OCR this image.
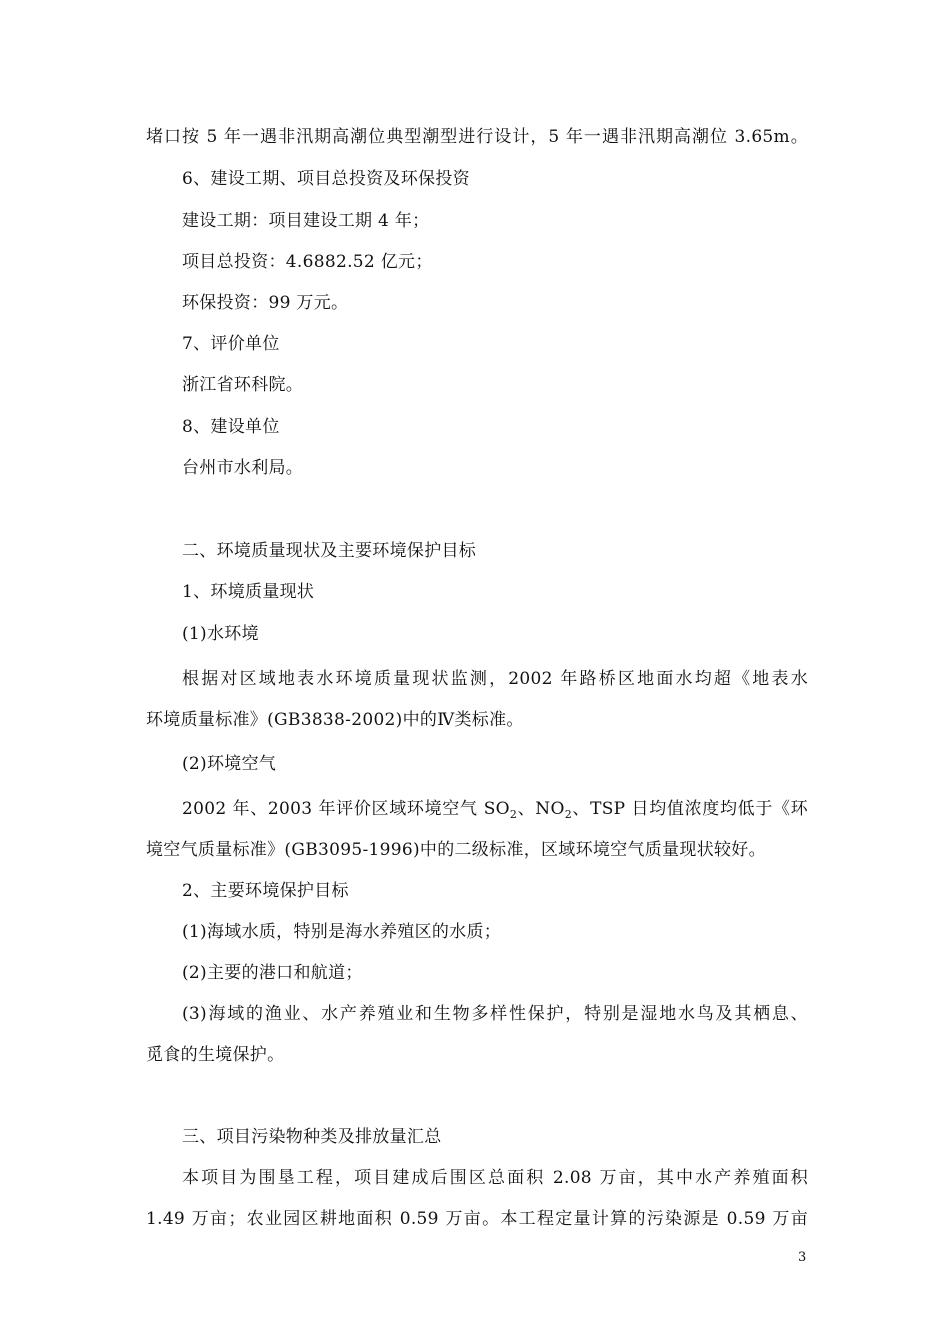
堵口按 5 年一遇非汛期高潮位典型潮型进行设计，5 年一遇非汛期高潮位 3.65m。
6、建设工期、项目总投资及环保投资
建设工期：项目建设工期 4 年；
项目总投资：4.6882.52 亿元；
环保投资：99 万元。
7、评价单位
浙江省环科院。
8、建设单位
台州市水利局。
二、环境质量现状及主要环境保护目标
1、环境质量现状
(1)水环境
根据对区域地表水环境质量现状监测，2002 年路桥区地面水均超《地表水
环境质量标准》(GB3838-2002)中的Ⅳ类标准。
(2)环境空气
2002 年、2003 年评价区域环境空气 $SO_2$、$NO_2$、TSP 日均值浓度均低于《环
境空气质量标准》(GB3095-1996)中的二级标准，区域环境空气质量现状较好。
2、主要环境保护目标
(1)海域水质，特别是海水养殖区的水质；
(2)主要的港口和航道；
(3)海域的渔业、水产养殖业和生物多样性保护，特别是湿地水鸟及其栖息、
觅食的生境保护。
三、项目污染物种类及排放量汇总
本项目为围垦工程，项目建成后围区总面积 2.08 万亩，其中水产养殖面积
1.49 万亩；农业园区耕地面积 0.59 万亩。本工程定量计算的污染源是 0.59 万亩
3
